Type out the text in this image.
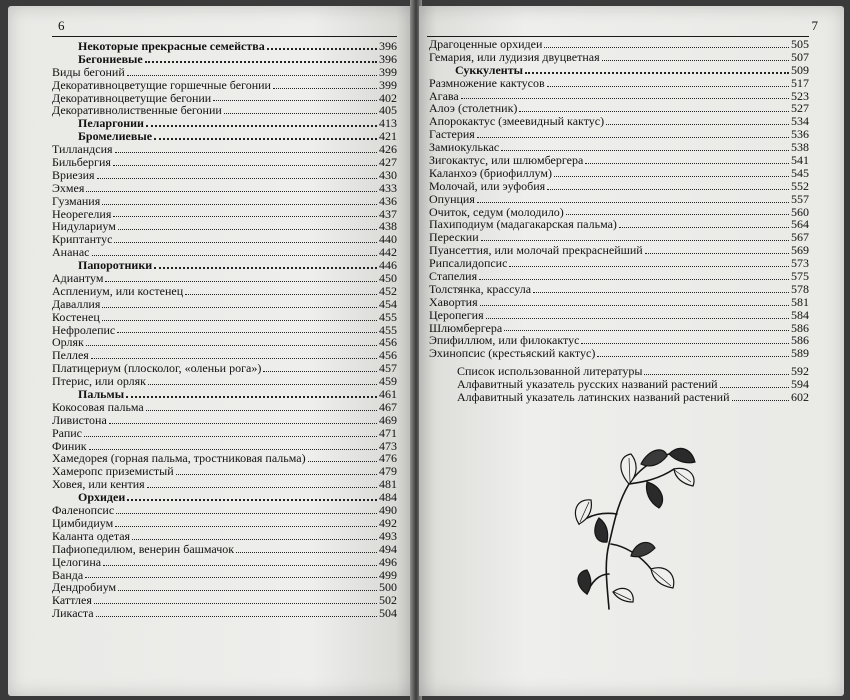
6
Некоторые прекрасные семейства	396
Бегониевые	396
Виды бегоний	399
Декоративноцветущие горшечные бегонии	399
Декоративноцветущие бегонии	402
Декоративнолиственные бегонии	405
Пеларгонии	413
Бромелиевые	421
Тилландсия	426
Бильбергия	427
Вриезия	430
Эхмея	433
Гузмания	436
Неорегелия	437
Нидулариум	438
Криптантус	440
Ананас	442
Папоротники	446
Адиантум	450
Асплениум, или костенец	452
Даваллия	454
Костенец	455
Нефролепис	455
Орляк	456
Пеллея	456
Платицериум (плосколог, «оленьи рога»)	457
Птерис, или орляк	459
Пальмы	461
Кокосовая пальма	467
Ливистона	469
Рапис	471
Финик	473
Хамедорея (горная пальма, тростниковая пальма)	476
Хамеропс приземистый	479
Ховея, или кентия	481
Орхидеи	484
Фаленопсис	490
Цимбидиум	492
Каланта одетая	493
Пафиопедилюм, венерин башмачок	494
Целогина	496
Ванда	499
Дендробиум	500
Каттлея	502
Ликаста	504
7
Драгоценные орхидеи	505
Гемария, или лудизия двуцветная	507
Суккуленты	509
Размножение кактусов	517
Агава	523
Алоэ (столетник)	527
Апорокактус (змеевидный кактус)	534
Гастерия	536
Замиокулькас	538
Зигокактус, или шлюмбергера	541
Каланхоэ (бриофиллум)	545
Молочай, или эуфобия	552
Опунция	557
Очиток, седум (молодило)	560
Пахиподиум (мадагакарская пальма)	564
Перескии	567
Пуансеттия, или молочай прекраснейший	569
Рипсалидопсис	573
Стапелия	575
Толстянка, крассула	578
Хавортия	581
Церопегия	584
Шлюмбергера	586
Эпифиллюм, или филокактус	586
Эхинопсис (крестьяский кактус)	589
Список использованной литературы	592
Алфавитный указатель русских названий растений	594
Алфавитный указатель латинских названий растений	602
